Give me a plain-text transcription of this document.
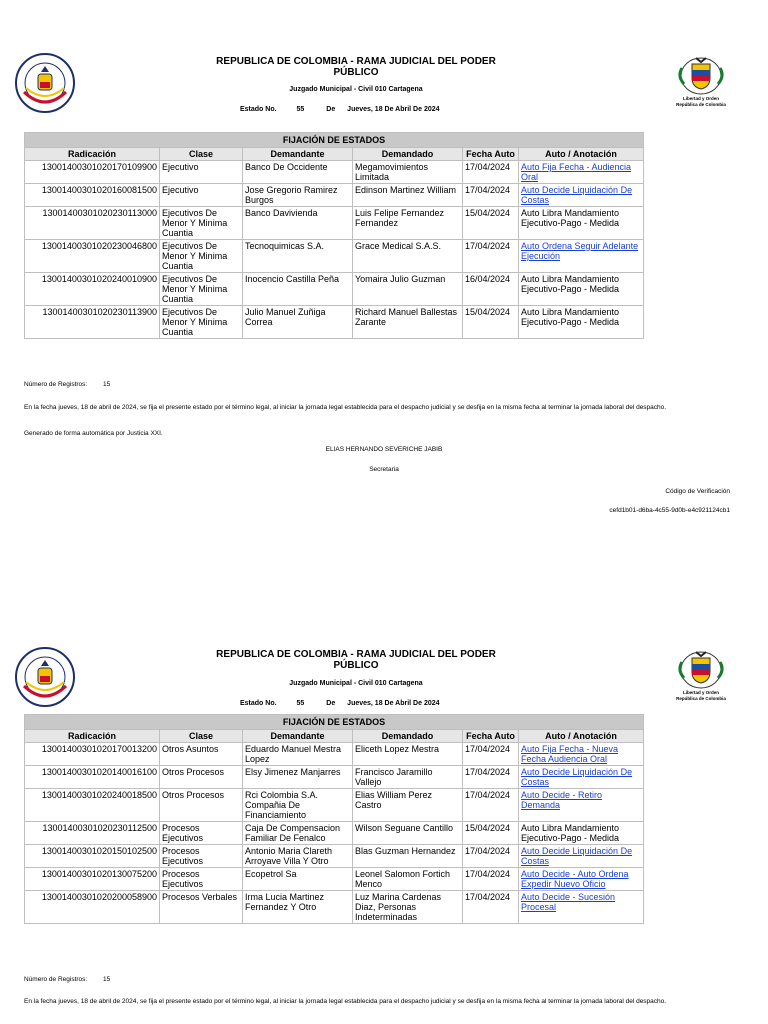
Libertad y Orden
República de Colombia
REPUBLICA DE COLOMBIA - RAMA JUDICIAL DEL PODER
PÚBLICO
Juzgado Municipal - Civil 010 Cartagena
Estado No.	55	De Jueves, 18 De Abril De 2024
FIJACIÓN DE ESTADOS					
Radicación	Clase	Demandante	Demandado	Fecha Auto	Auto / Anotación
13001400301020170109900	Ejecutivo	Banco De Occidente	Megamovimientos Limitada	17/04/2024	Auto Fija Fecha - Audiencia Oral
13001400301020160081500	Ejecutivo	Jose Gregorio Ramirez Burgos	Edinson Martinez William	17/04/2024	Auto Decide Liquidación De Costas
13001400301020230113000	Ejecutivos De Menor Y Minima Cuantia	Banco Davivienda	Luis Felipe Fernandez Fernandez	15/04/2024	Auto Libra Mandamiento Ejecutivo-Pago - Medida
13001400301020230046800	Ejecutivos De Menor Y Minima Cuantia	Tecnoquimicas S.A.	Grace Medical S.A.S.	17/04/2024	Auto Ordena Seguir Adelante Ejecución
13001400301020240010900	Ejecutivos De Menor Y Minima Cuantia	Inocencio Castilla Peña	Yomaira Julio Guzman	16/04/2024	Auto Libra Mandamiento Ejecutivo-Pago - Medida
13001400301020230113900	Ejecutivos De Menor Y Minima Cuantia	Julio Manuel Zuñiga Correa	Richard Manuel Ballestas Zarante	15/04/2024	Auto Libra Mandamiento Ejecutivo-Pago - Medida
Número de Registros: 15
En la fecha jueves, 18 de abril de 2024, se fija el presente estado por el término legal, al iniciar la jornada legal establecida para el despacho judicial y se desfija en la misma fecha al terminar la jornada laboral del despacho.
Generado de forma automática por Justicia XXI.
ELIAS HERNANDO SEVERICHE JABIB
Secretaria
Código de Verificación
cefd1b01-d6ba-4c55-9d0b-e4c921124cb1
Libertad y Orden
República de Colombia
REPUBLICA DE COLOMBIA - RAMA JUDICIAL DEL PODER
PÚBLICO
Juzgado Municipal - Civil 010 Cartagena
Estado No.	55	De Jueves, 18 De Abril De 2024
FIJACIÓN DE ESTADOS					
Radicación	Clase	Demandante	Demandado	Fecha Auto	Auto / Anotación
13001400301020170013200	Otros Asuntos	Eduardo Manuel Mestra Lopez	Eliceth Lopez Mestra	17/04/2024	Auto Fija Fecha - Nueva Fecha Audiencia Oral
13001400301020140016100	Otros Procesos	Elsy Jimenez Manjarres	Francisco Jaramillo Vallejo	17/04/2024	Auto Decide Liquidación De Costas
13001400301020240018500	Otros Procesos	Rci Colombia S.A. Compañia De Financiamiento	Elias William Perez Castro	17/04/2024	Auto Decide - Retiro Demanda
13001400301020230112500	Procesos Ejecutivos	Caja De Compensacion Familiar De Fenalco	Wilson Seguane Cantillo	15/04/2024	Auto Libra Mandamiento Ejecutivo-Pago - Medida
13001400301020150102500	Procesos Ejecutivos	Antonio Maria Clareth Arroyave Villa Y Otro	Blas Guzman Hernandez	17/04/2024	Auto Decide Liquidación De Costas
13001400301020130075200	Procesos Ejecutivos	Ecopetrol Sa	Leonel Salomon Fortich Menco	17/04/2024	Auto Decide - Auto Ordena Expedir Nuevo Oficio
13001400301020200058900	Procesos Verbales	Irma Lucia Martinez Fernandez Y Otro	Luz Marina Cardenas Diaz, Personas Indeterminadas	17/04/2024	Auto Decide - Sucesión Procesal
Número de Registros: 15
En la fecha jueves, 18 de abril de 2024, se fija el presente estado por el término legal, al iniciar la jornada legal establecida para el despacho judicial y se desfija en la misma fecha al terminar la jornada laboral del despacho.
